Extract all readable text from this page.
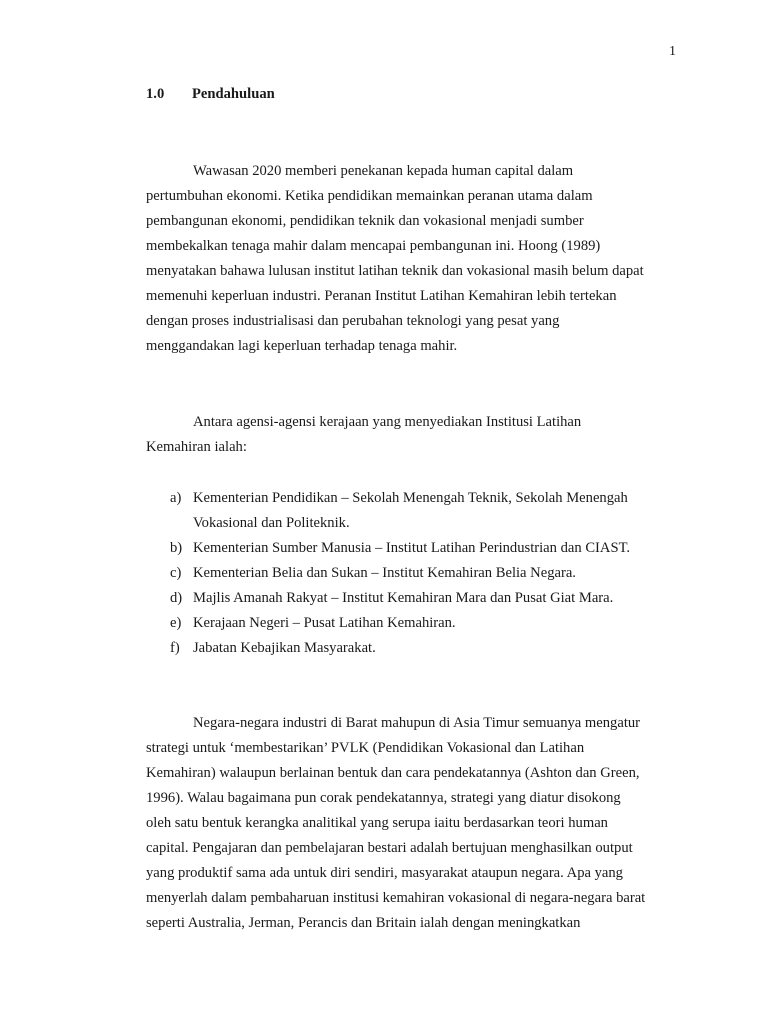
1
1.0 Pendahuluan

Wawasan 2020 memberi penekanan kepada human capital dalam
pertumbuhan ekonomi. Ketika pendidikan memainkan peranan utama dalam
pembangunan ekonomi, pendidikan teknik dan vokasional menjadi sumber
membekalkan tenaga mahir dalam mencapai pembangunan ini. Hoong (1989)
menyatakan bahawa lulusan institut latihan teknik dan vokasional masih belum dapat
memenuhi keperluan industri. Peranan Institut Latihan Kemahiran lebih tertekan
dengan proses industrialisasi dan perubahan teknologi yang pesat yang
menggandakan lagi keperluan terhadap tenaga mahir.

Antara agensi-agensi kerajaan yang menyediakan Institusi Latihan
Kemahiran ialah:

a) Kementerian Pendidikan – Sekolah Menengah Teknik, Sekolah Menengah
Vokasional dan Politeknik.
b) Kementerian Sumber Manusia – Institut Latihan Perindustrian dan CIAST.
c) Kementerian Belia dan Sukan – Institut Kemahiran Belia Negara.
d) Majlis Amanah Rakyat – Institut Kemahiran Mara dan Pusat Giat Mara.
e) Kerajaan Negeri – Pusat Latihan Kemahiran.
f) Jabatan Kebajikan Masyarakat.

Negara-negara industri di Barat mahupun di Asia Timur semuanya mengatur
strategi untuk ‘membestarikan’ PVLK (Pendidikan Vokasional dan Latihan
Kemahiran) walaupun berlainan bentuk dan cara pendekatannya (Ashton dan Green,
1996). Walau bagaimana pun corak pendekatannya, strategi yang diatur disokong
oleh satu bentuk kerangka analitikal yang serupa iaitu berdasarkan teori human
capital. Pengajaran dan pembelajaran bestari adalah bertujuan menghasilkan output
yang produktif sama ada untuk diri sendiri, masyarakat ataupun negara. Apa yang
menyerlah dalam pembaharuan institusi kemahiran vokasional di negara-negara barat
seperti Australia, Jerman, Perancis dan Britain ialah dengan meningkatkan
